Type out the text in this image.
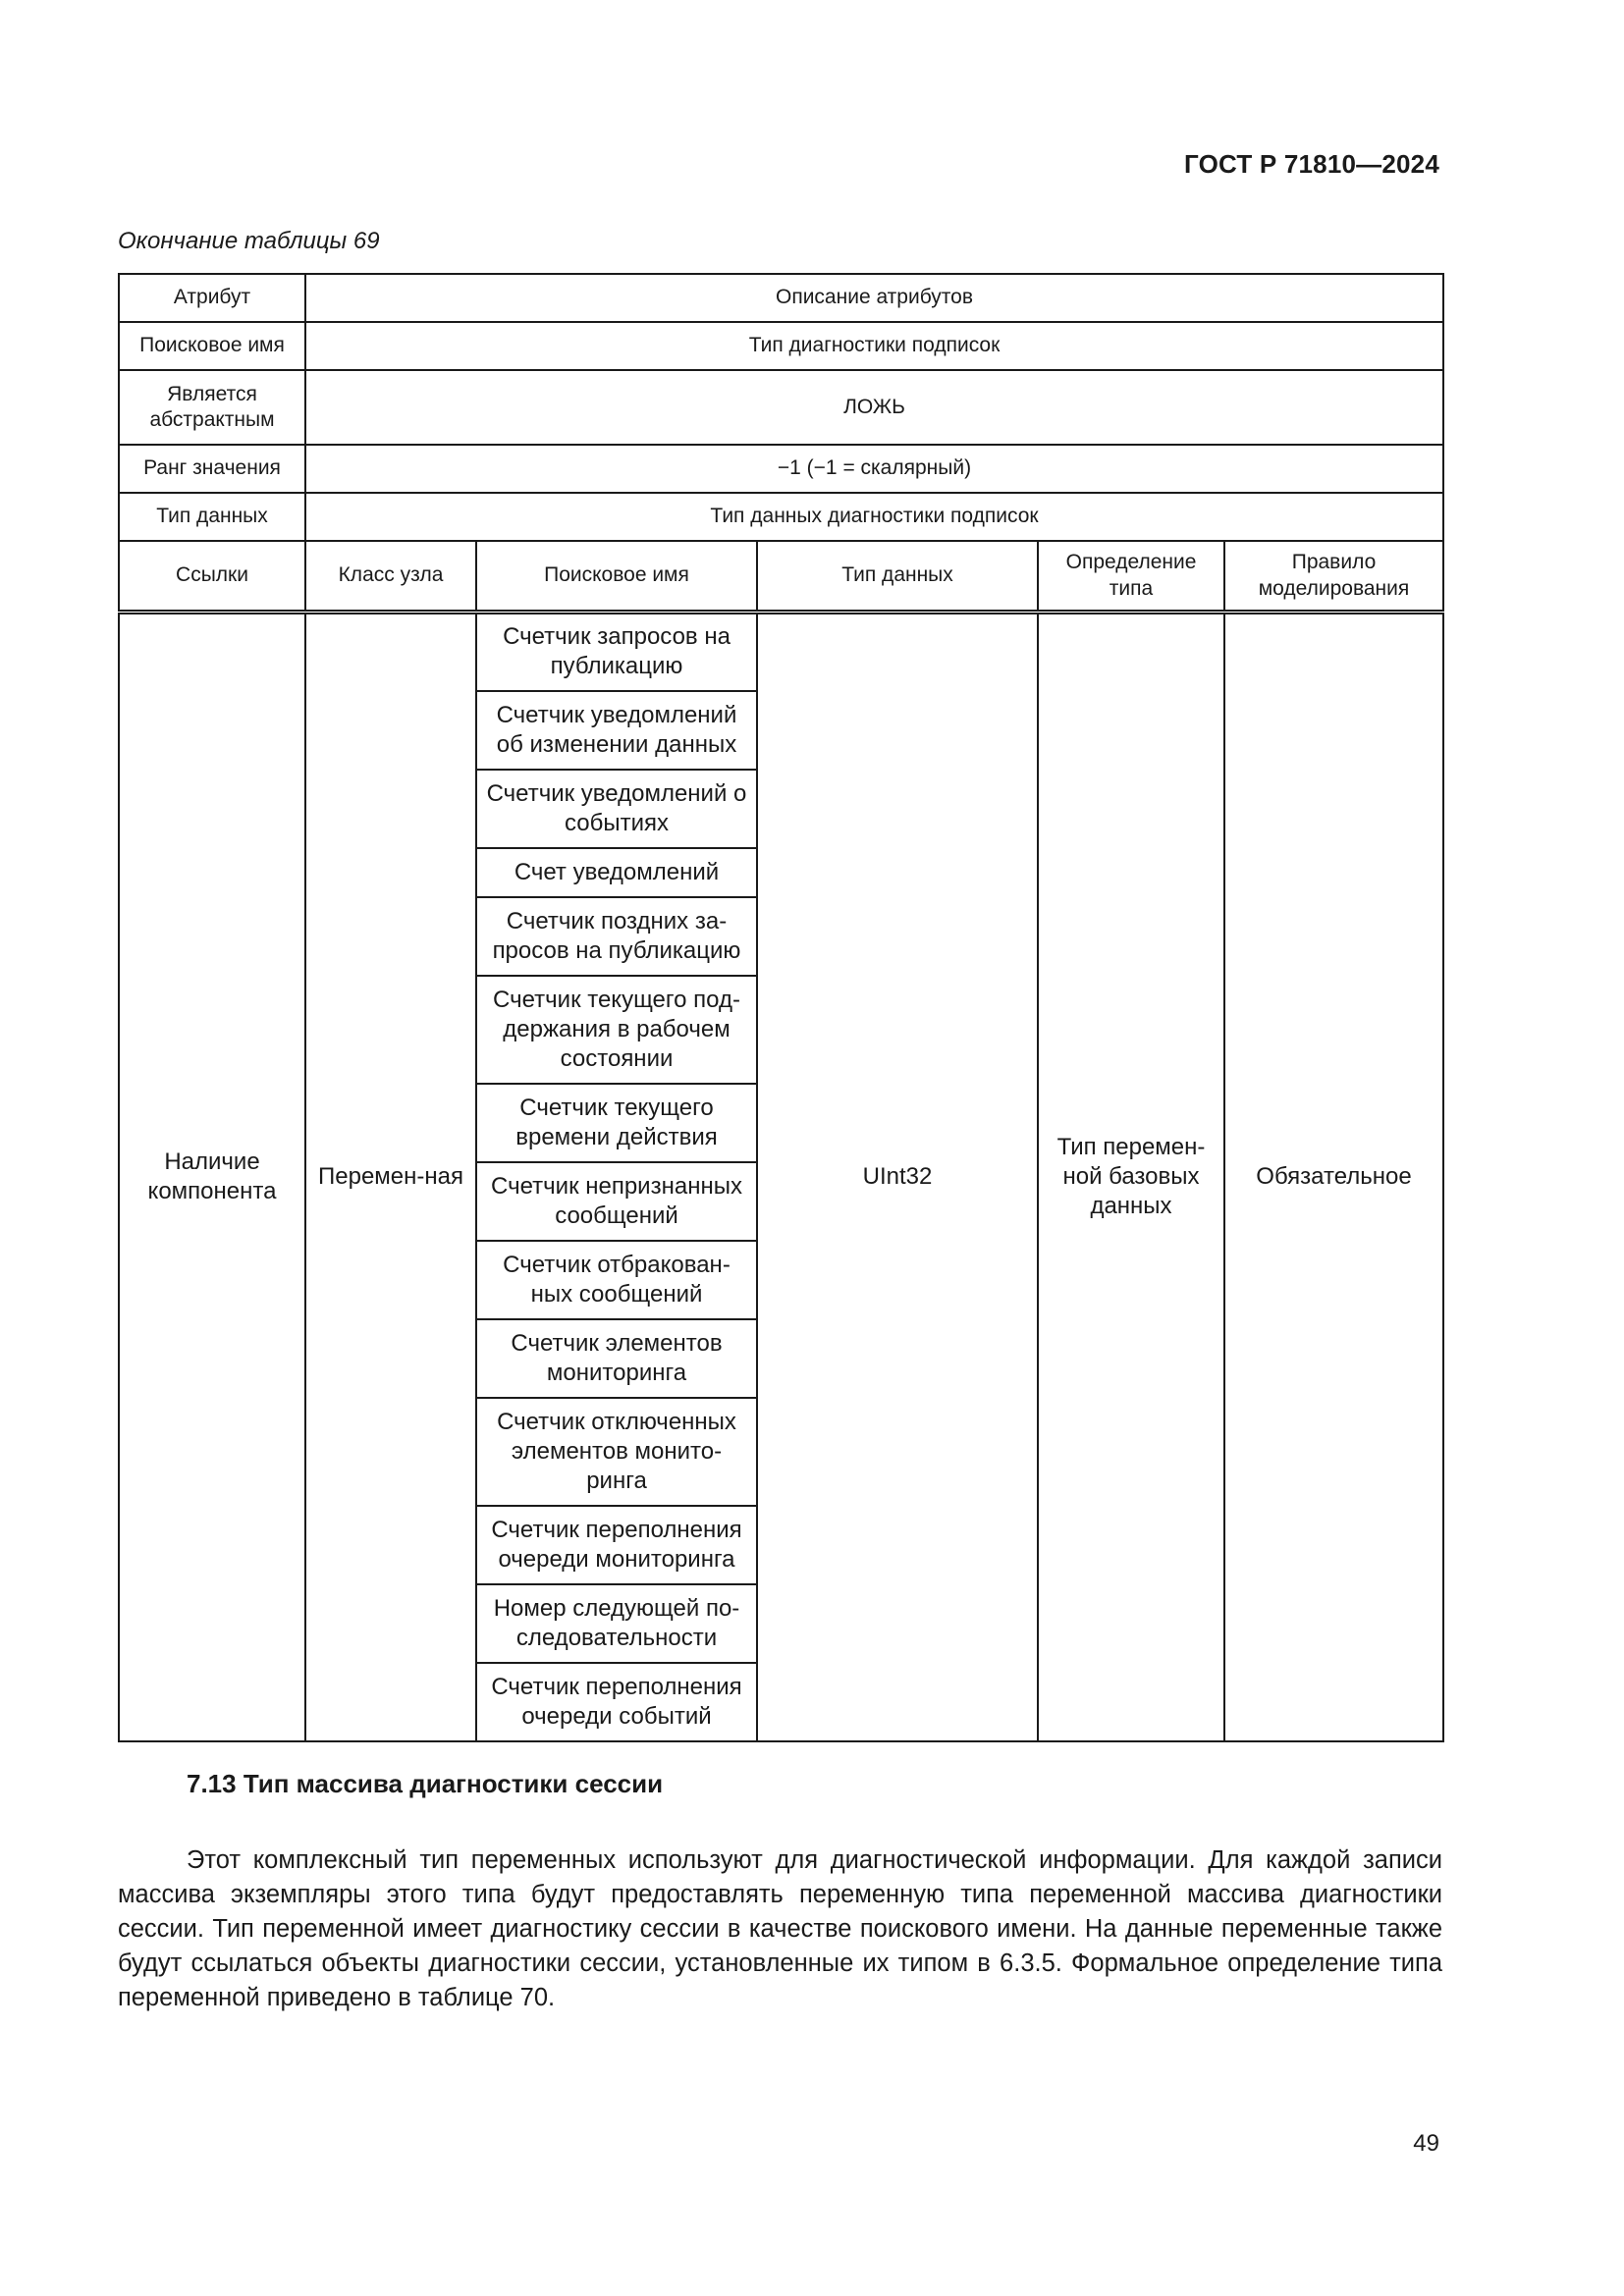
ГОСТ Р 71810—2024
Окончание таблицы 69
Атрибут	Описание атрибутов				
Поисковое имя	Тип диагностики подписок				
Является абстрактным	ЛОЖЬ				
Ранг значения	−1 (−1 = скалярный)				
Тип данных	Тип данных диагностики подписок				
Ссылки	Класс узла	Поисковое имя	Тип данных	Определение типа	Правило моделирования
Наличие компонента	Перемен-ная	Счетчик запросов на публикацию	UInt32	Тип перемен-ной базовых данных	Обязательное
		Счетчик уведомлений об изменении данных			
		Счетчик уведомлений о событиях			
		Счет уведомлений			
		Счетчик поздних за-просов на публикацию			
		Счетчик текущего под-держания в рабочем состоянии			
		Счетчик текущего времени действия			
		Счетчик непризнанных сообщений			
		Счетчик отбракован-ных сообщений			
		Счетчик элементов мониторинга			
		Счетчик отключенных элементов монито-ринга			
		Счетчик переполнения очереди мониторинга			
		Номер следующей по-следовательности			
		Счетчик переполнения очереди событий			
7.13 Тип массива диагностики сессии

Этот комплексный тип переменных используют для диагностической информации. Для каждой записи массива экземпляры этого типа будут предоставлять переменную типа переменной массива диагностики сессии. Тип переменной имеет диагностику сессии в качестве поискового имени. На данные переменные также будут ссылаться объекты диагностики сессии, установленные их типом в 6.3.5. Формальное определение типа переменной приведено в таблице 70.

49
